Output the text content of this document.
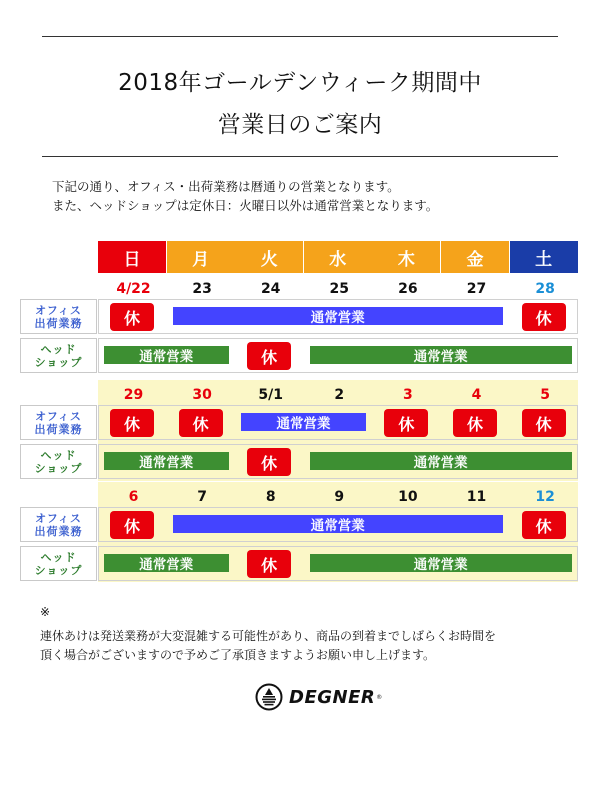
2018年ゴールデンウィーク期間中
営業日のご案内
下記の通り、オフィス・出荷業務は暦通りの営業となります。
また、ヘッドショップは定休日：火曜日以外は通常営業となります。
日	月	火	水	木	金	土
4/22	23	24	25	26	27	28
オフィス
出荷業務	休	通常営業	休
ヘッド
ショップ	通常営業	休	通常営業
29	30	5/1	2	3	4	5
オフィス
出荷業務	休	休	通常営業	休	休	休
ヘッド
ショップ	通常営業	休	通常営業
6	7	8	9	10	11	12
オフィス
出荷業務	休	通常営業	休
ヘッド
ショップ	通常営業	休	通常営業
※
連休あけは発送業務が大変混雑する可能性があり、商品の到着までしばらくお時間を
頂く場合がございますので予めご了承頂きますようお願い申し上げます。
DEGNER ®
